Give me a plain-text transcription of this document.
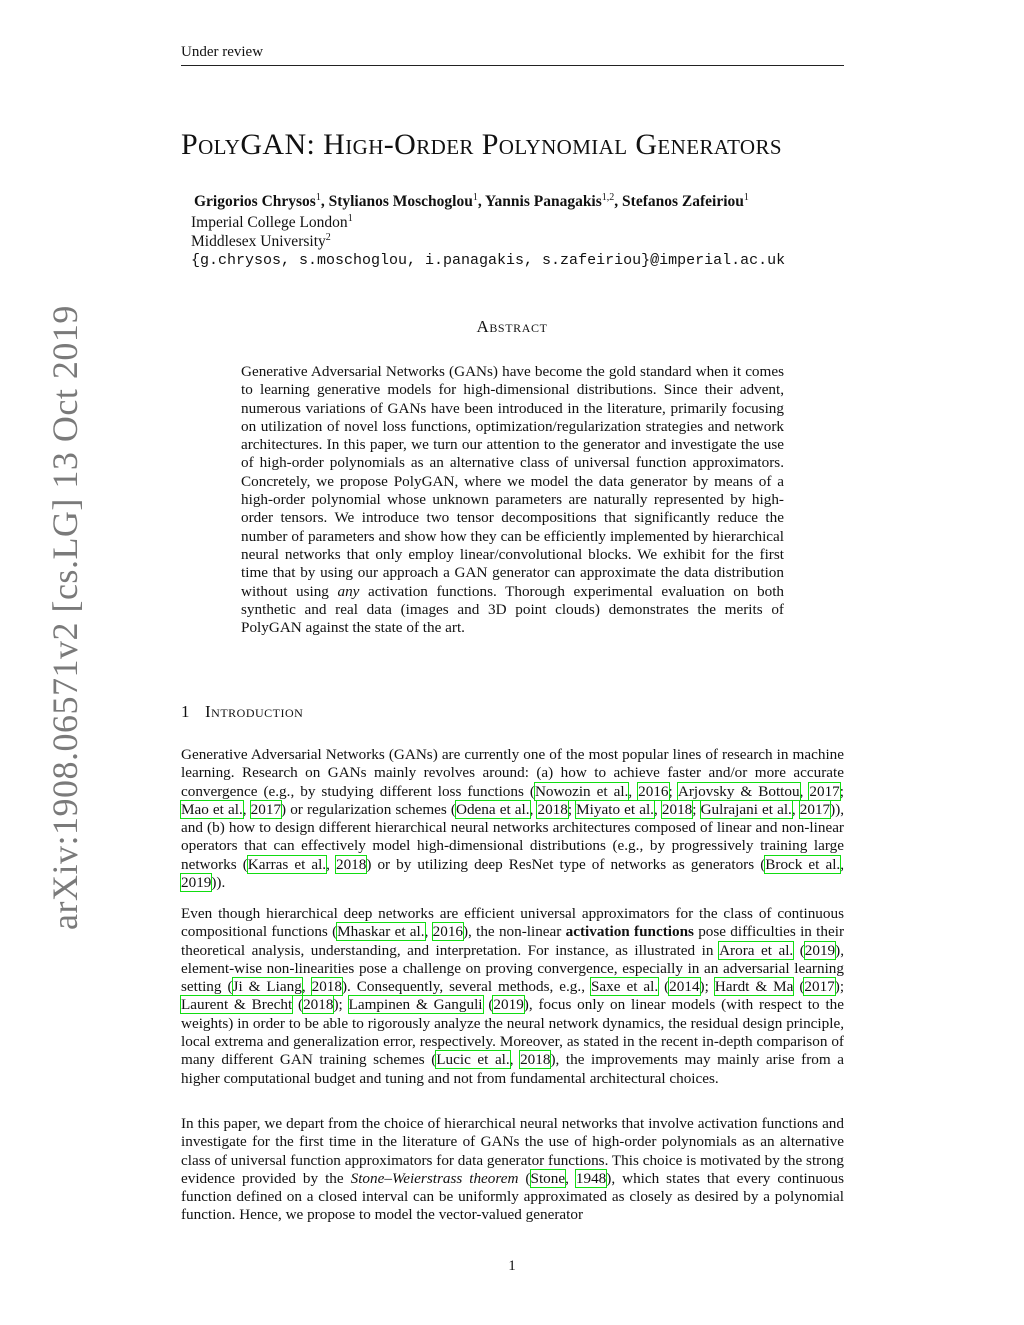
Under review
arXiv:1908.06571v2 [cs.LG] 13 Oct 2019
PolyGAN: High-Order Polynomial Generators
Grigorios Chrysos$^1$, Stylianos Moschoglou$^1$, Yannis Panagakis$^{1,2}$, Stefanos Zafeiriou$^1$
Imperial College London$^1$
Middlesex University$^2$
{g.chrysos, s.moschoglou, i.panagakis, s.zafeiriou}@imperial.ac.uk
Abstract
Generative Adversarial Networks (GANs) have become the gold standard when it comes to learning generative models for high-dimensional distributions. Since their advent, numerous variations of GANs have been introduced in the literature, primarily focusing on utilization of novel loss functions, optimization/regularization strategies and network architectures. In this paper, we turn our attention to the generator and investigate the use of high-order polynomials as an alternative class of universal function approximators. Concretely, we propose PolyGAN, where we model the data generator by means of a high-order polynomial whose unknown parameters are naturally represented by high-order tensors. We introduce two tensor decompositions that significantly reduce the number of parameters and show how they can be efficiently implemented by hierarchical neural networks that only employ linear/convolutional blocks. We exhibit for the first time that by using our approach a GAN generator can approximate the data distribution without using any activation functions. Thorough experimental evaluation on both synthetic and real data (images and 3D point clouds) demonstrates the merits of PolyGAN against the state of the art.
1 Introduction
Generative Adversarial Networks (GANs) are currently one of the most popular lines of research in machine learning. Research on GANs mainly revolves around: (a) how to achieve faster and/or more accurate convergence (e.g., by studying different loss functions (Nowozin et al., 2016; Arjovsky & Bottou, 2017; Mao et al., 2017) or regularization schemes (Odena et al., 2018; Miyato et al., 2018; Gulrajani et al., 2017)), and (b) how to design different hierarchical neural networks architectures composed of linear and non-linear operators that can effectively model high-dimensional distributions (e.g., by progressively training large networks (Karras et al., 2018) or by utilizing deep ResNet type of networks as generators (Brock et al., 2019)).
Even though hierarchical deep networks are efficient universal approximators for the class of continuous compositional functions (Mhaskar et al., 2016), the non-linear activation functions pose difficulties in their theoretical analysis, understanding, and interpretation. For instance, as illustrated in Arora et al. (2019), element-wise non-linearities pose a challenge on proving convergence, especially in an adversarial learning setting (Ji & Liang, 2018). Consequently, several methods, e.g., Saxe et al. (2014); Hardt & Ma (2017); Laurent & Brecht (2018); Lampinen & Ganguli (2019), focus only on linear models (with respect to the weights) in order to be able to rigorously analyze the neural network dynamics, the residual design principle, local extrema and generalization error, respectively. Moreover, as stated in the recent in-depth comparison of many different GAN training schemes (Lucic et al., 2018), the improvements may mainly arise from a higher computational budget and tuning and not from fundamental architectural choices.
In this paper, we depart from the choice of hierarchical neural networks that involve activation functions and investigate for the first time in the literature of GANs the use of high-order polynomials as an alternative class of universal function approximators for data generator functions. This choice is motivated by the strong evidence provided by the Stone–Weierstrass theorem (Stone, 1948), which states that every continuous function defined on a closed interval can be uniformly approximated as closely as desired by a polynomial function. Hence, we propose to model the vector-valued generator
1
